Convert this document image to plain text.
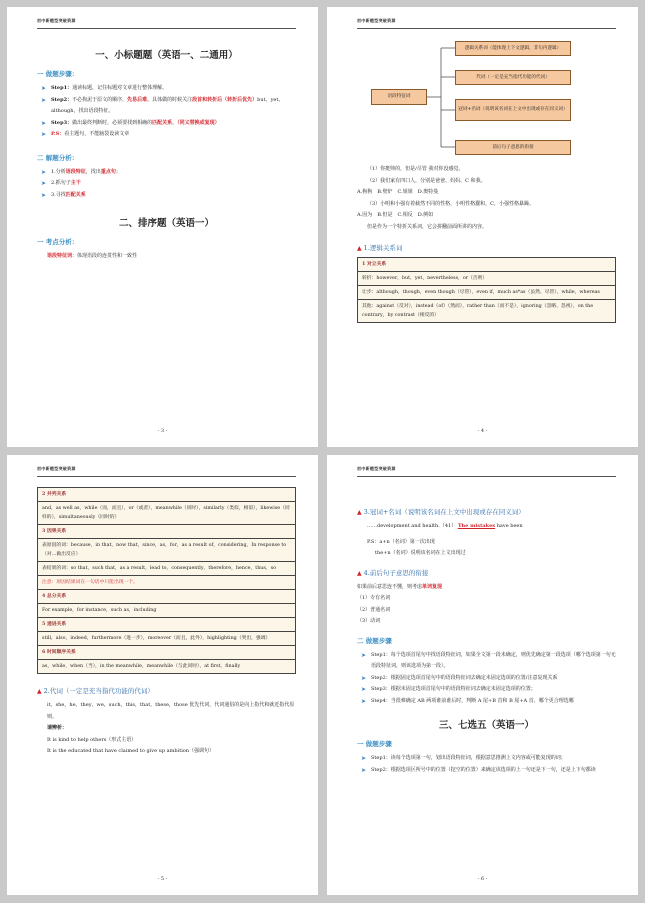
初中新题型突破资源
一、小标题题（英语一、二通用）
一 做题步骤：
➤ Step1：通读标题，记住标题对文章进行整体理解。
➤ Step2：不必拘泥于原文的顺序，先易后难。具体做的时候关注段首和转折后（转折后优先）but、yet、although，找出语段特征。
➤ Step3：做出最终判断时，必须要找到相确的匹配关系。（同义替换或复现）
➤ P.S：看主题句，不能脑袋设读文章
二 解题分析：
➤ 1.分析语段特征，找出重点句；
➤ 2.抓句子主干
➤ 3.寻找匹配关系
二、排序题（英语一）
一 考点分析：
语段特征词：体现语段的连贯性和一致性
- 3 -
初中新题型突破资源
语段特征词
逻辑关系词（能体现上下文逻辑，非句内逻辑）
代词（一定是充当指代功能的代词）
冠词+名词（说明该名词在上文中出现或存在同义词）
前后句子意思的衔接
（1）你挺帅的，但是/尽管 我对你没感觉。
（2）我们家有四口人，分别是爸爸、妈妈、C 和我。
A.狗狗　B.壁炉　C.姐姐　D.奥特曼
（3）小明和小强有着截然不同的性格，小明性格蠢和，C，小强性格暴躁。
A.因为　B.但是　C.相反　D.例如
但是作为一个特折关系词，它会拼翻前面所讲的内容。
▲ 1.逻辑关系词
1 对立关系
转折：however，but，yet，nevertheless，or（否则）
让步：although，though，even though（尽管），even if，much as*as（虽然、尽管），while，whereas
其他：against（反对），instead（of）（然而），rather than（而不是），ignoring（忽略、忽视），on the contrary，by contrast（相反的）
- 4 -
初中新题型突破资源
2 并列关系
and，as well as，while（而，而且），or（或者），meanwhile（同时），similarly（类似，相似），likewise（同样的），simultaneously（同时的）
3 因果关系
表原因的词：because，in that，now that，since，as，for，as a result of，considering，In response to（对…做出反应）
表结果的词：so that，such that，as a result，lead to，consequently，therefore，hence，thus，so
注意：原因结果词在一句话中只能出现一个。
4 总分关系
For example，for instance，such as，including
5 递进关系
still，also，indeed，furthermore（进一步），moreover（而且，此外），highlighting（突出，强调）
6 时间顺序关系
as，while，when（当），in the meanwhile，meanwhile（与此同时），at first，finally
▲ 2.代词（一定是充当指代功能的代词）
it，she，he，they，we，such，this，that，these，those 优先代词，代词通俗的是向上指代和就近指代原则。
请辨析：
It is kind to help others（形式主语）
It is the educated that have claimed to give up ambition（强调句）
- 5 -
初中新题型突破资源
▲ 3.冠词+名词（说明该名词在上文中出现或存在同义词）
……development and health.（41） The mistakes have been
P.S：a+n（名词）第一次出现
the+n（名词）说明该名词在上文出现过
▲ 4.前后句子意思的衔接
如果前后意思连不懂，则考虑单词复现
（1）专有名词
（2）普通名词
（3）动词
二 做题步骤
➤ Step1：每个选项首尾句中找语段特征词，如果全文第一段未确定，则优先确定第一段选项（哪个选项第一句无语段特征词，则该选项为第一段）。
➤ Step2：根据固定选项首尾句中的语段特征词去确定未固定选项的位置/注意复现关系
➤ Step3：根据未固定选项首尾句中的语段特征词去确定未固定选项的位置；
➤ Step4：当很难确定 AB 两项谁前谁后时，判断 A 尾+B 首和 B 尾+A 首，哪个更合理选哪
三、七选五（英语一）
一 做题步骤
➤ Step1：读每个选项第一句，划出语段特征词，根据意思推测上文内容或可能复现的词；
➤ Step2：根据选项区所号中的位置（挖空的位置）来确定该选项的上一句还是下一句，还是上下句都读
- 6 -
